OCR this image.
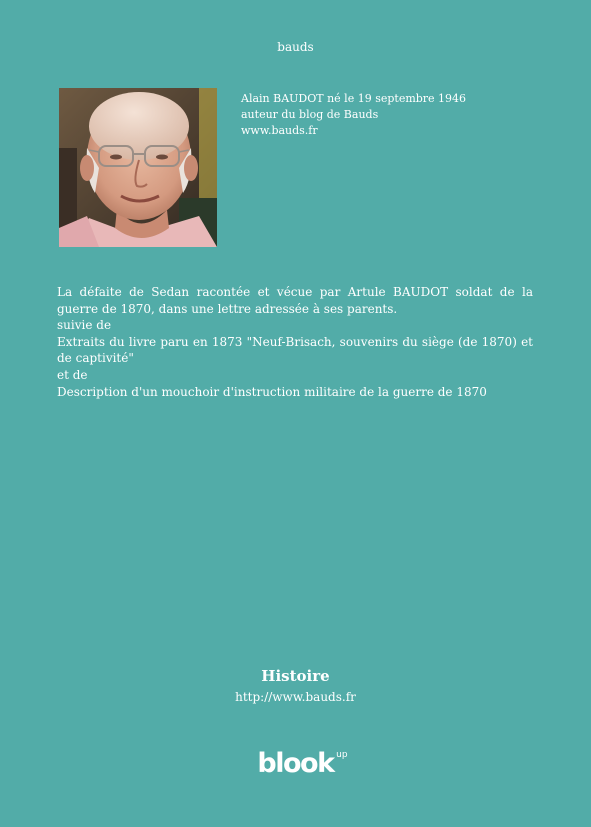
bauds
Alain BAUDOT né le 19 septembre 1946
auteur du blog de Bauds
www.bauds.fr

La défaite de Sedan racontée et vécue par Artule BAUDOT soldat de la guerre de 1870, dans une lettre adressée à ses parents.

suivie de

Extraits du livre paru en 1873 "Neuf-Brisach, souvenirs du siège (de 1870) et de captivité"

et de

Description d'un mouchoir d'instruction militaire de la guerre de 1870

Histoire
http://www.bauds.fr
blook up
